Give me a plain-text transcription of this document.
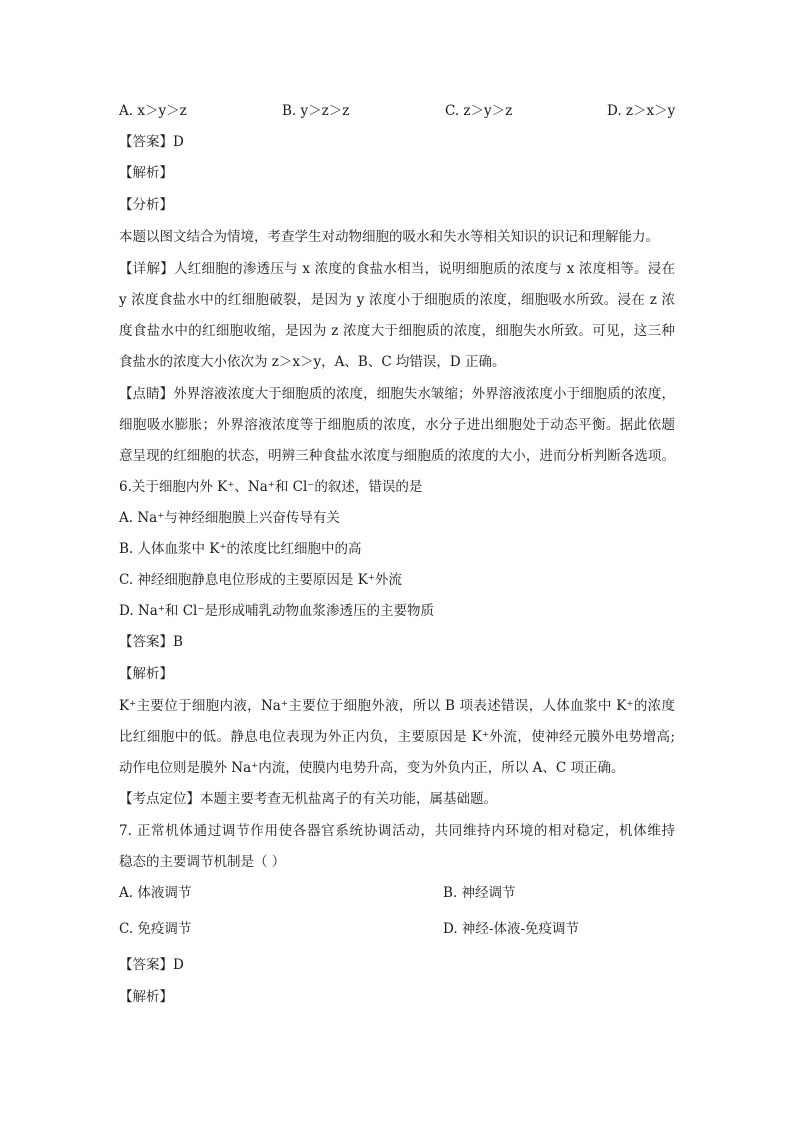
A. x＞y＞z	B. y＞z＞z	C. z＞y＞z	D. z＞x＞y
【答案】D
【解析】
【分析】
本题以图文结合为情境，考查学生对动物细胞的吸水和失水等相关知识的识记和理解能力。
【详解】人红细胞的渗透压与 x 浓度的食盐水相当，说明细胞质的浓度与 x 浓度相等。浸在
y 浓度食盐水中的红细胞破裂，是因为 y 浓度小于细胞质的浓度，细胞吸水所致。浸在 z 浓
度食盐水中的红细胞收缩，是因为 z 浓度大于细胞质的浓度，细胞失水所致。可见，这三种
食盐水的浓度大小依次为 z＞x＞y，A、B、C 均错误，D 正确。
【点睛】外界溶液浓度大于细胞质的浓度，细胞失水皱缩；外界溶液浓度小于细胞质的浓度，
细胞吸水膨胀；外界溶液浓度等于细胞质的浓度，水分子进出细胞处于动态平衡。据此依题
意呈现的红细胞的状态，明辨三种食盐水浓度与细胞质的浓度的大小，进而分析判断各选项。
6.关于细胞内外 K⁺、Na⁺和 Cl⁻的叙述，错误的是
A. Na⁺与神经细胞膜上兴奋传导有关
B. 人体血浆中 K⁺的浓度比红细胞中的高
C. 神经细胞静息电位形成的主要原因是 K⁺外流
D. Na⁺和 Cl⁻是形成哺乳动物血浆渗透压的主要物质
【答案】B
【解析】
K⁺主要位于细胞内液，Na⁺主要位于细胞外液，所以 B 项表述错误，人体血浆中 K⁺的浓度
比红细胞中的低。静息电位表现为外正内负，主要原因是 K⁺外流，使神经元膜外电势增高;
动作电位则是膜外 Na⁺内流，使膜内电势升高，变为外负内正，所以 A、C 项正确。
【考点定位】本题主要考查无机盐离子的有关功能，属基础题。
7. 正常机体通过调节作用使各器官系统协调活动，共同维持内环境的相对稳定，机体维持
稳态的主要调节机制是（ ）
A. 体液调节	B. 神经调节
C. 免疫调节	D. 神经-体液-免疫调节
【答案】D
【解析】
